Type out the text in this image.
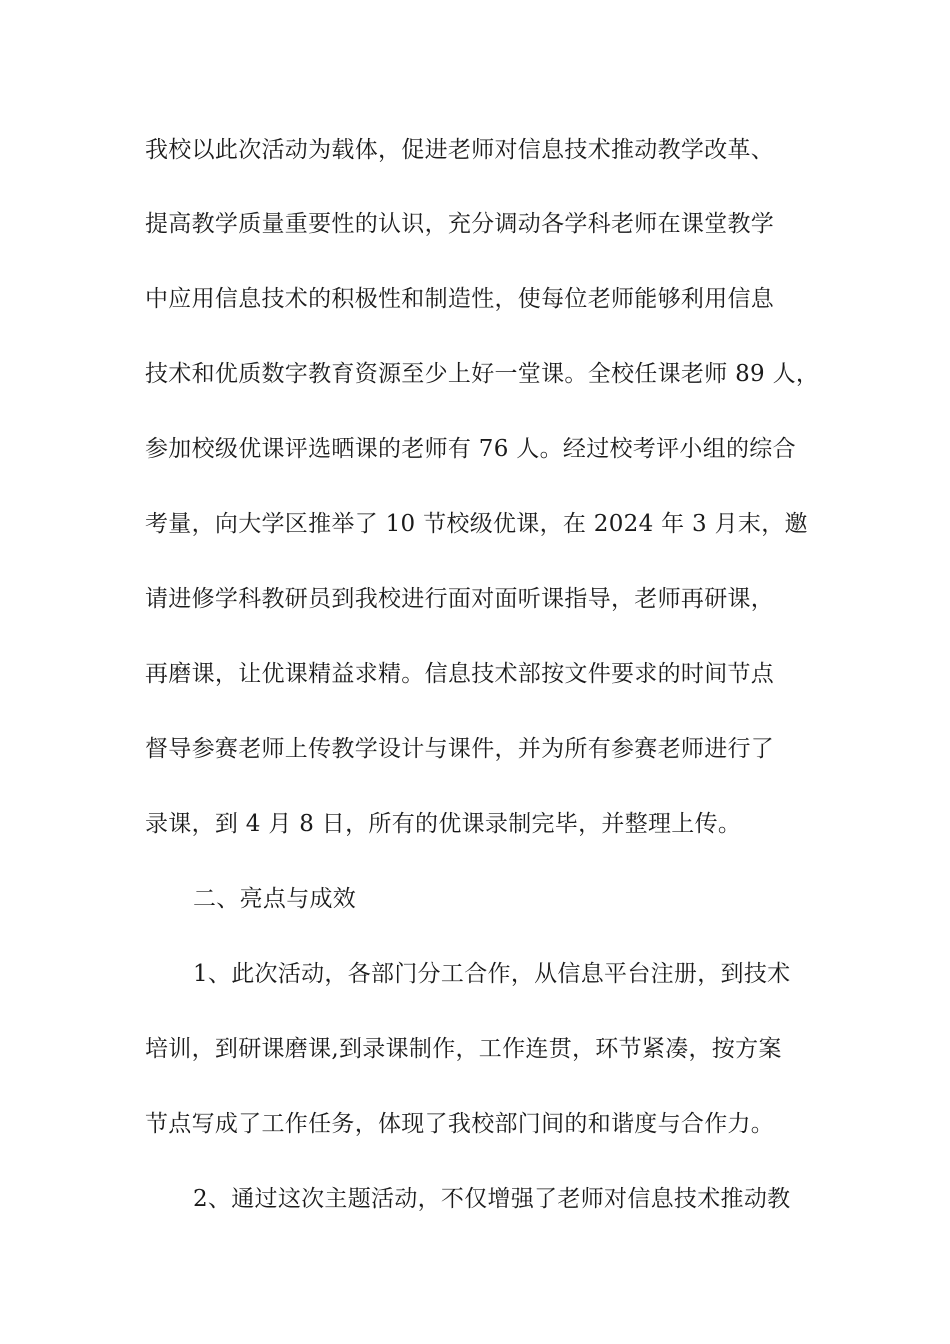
我校以此次活动为载体，促进老师对信息技术推动教学改革、
提高教学质量重要性的认识，充分调动各学科老师在课堂教学
中应用信息技术的积极性和制造性，使每位老师能够利用信息
技术和优质数字教育资源至少上好一堂课。全校任课老师 89 人，
参加校级优课评选晒课的老师有 76 人。经过校考评小组的综合
考量，向大学区推举了 10 节校级优课，在 2024 年 3 月末，邀
请进修学科教研员到我校进行面对面听课指导，老师再研课，
再磨课，让优课精益求精。信息技术部按文件要求的时间节点
督导参赛老师上传教学设计与课件，并为所有参赛老师进行了
录课，到 4 月 8 日，所有的优课录制完毕，并整理上传。
二、亮点与成效
1、此次活动，各部门分工合作，从信息平台注册，到技术
培训，到研课磨课,到录课制作，工作连贯，环节紧凑，按方案
节点写成了工作任务，体现了我校部门间的和谐度与合作力。
2、通过这次主题活动，不仅增强了老师对信息技术推动教
